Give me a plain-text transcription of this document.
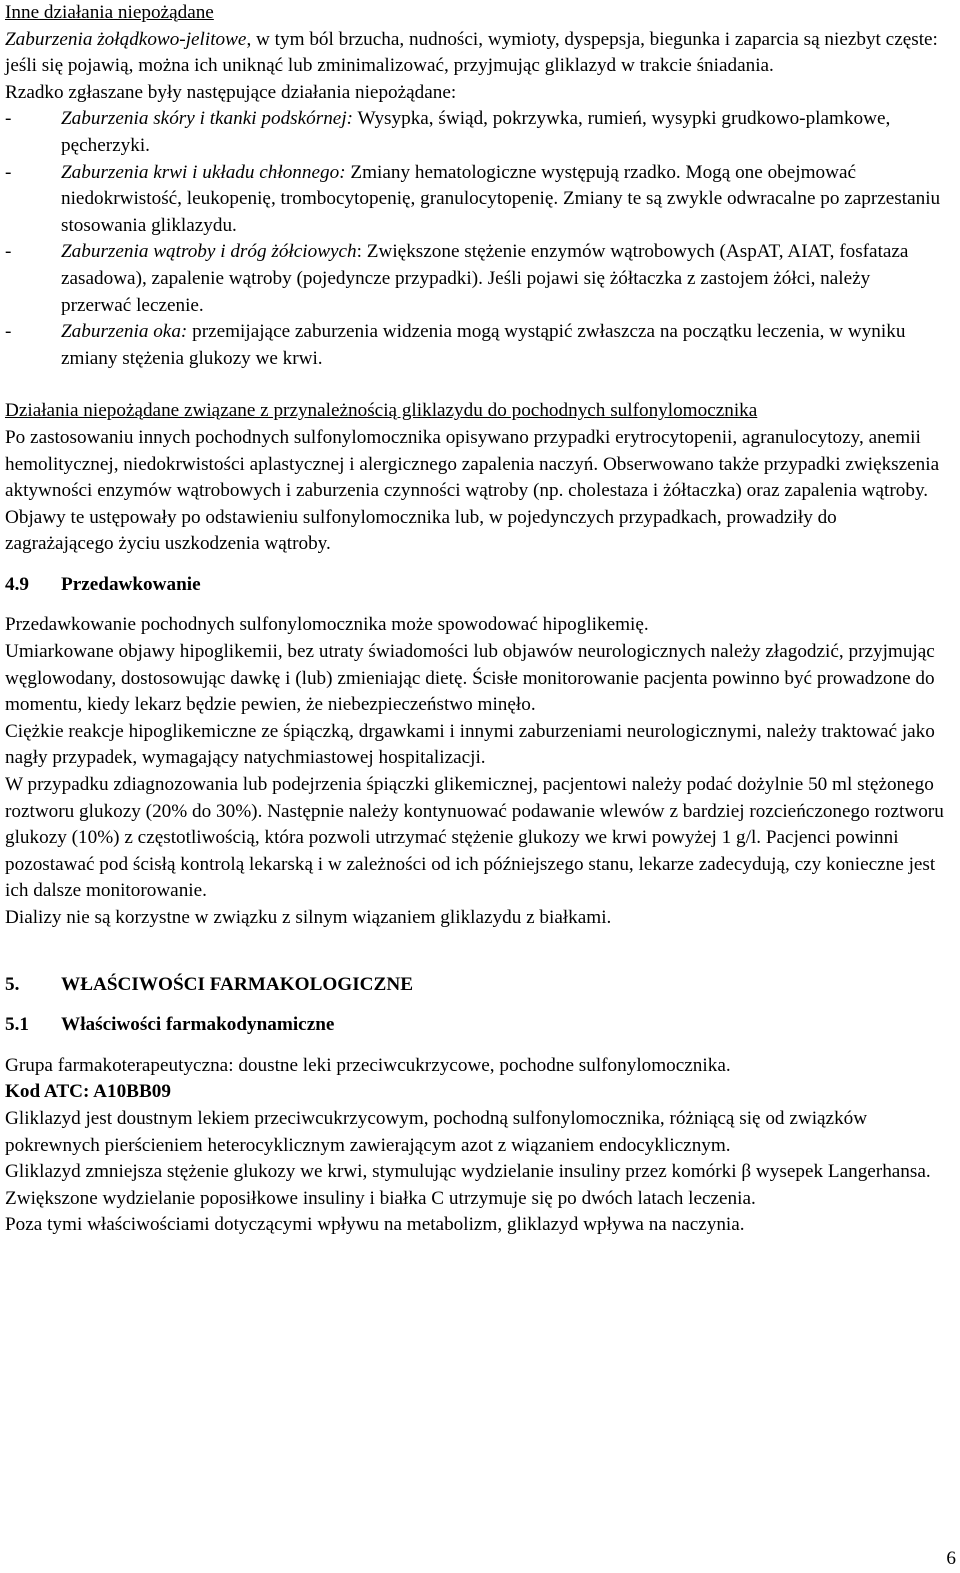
Inne działania niepożądane

Zaburzenia żołądkowo-jelitowe, w tym ból brzucha, nudności, wymioty, dyspepsja, biegunka i zaparcia są niezbyt częste: jeśli się pojawią, można ich uniknąć lub zminimalizować, przyjmując gliklazyd w trakcie śniadania.

Rzadko zgłaszane były następujące działania niepożądane:

-	Zaburzenia skóry i tkanki podskórnej: Wysypka, świąd, pokrzywka, rumień, wysypki grudkowo-plamkowe, pęcherzyki.
-	Zaburzenia krwi i układu chłonnego: Zmiany hematologiczne występują rzadko. Mogą one obejmować niedokrwistość, leukopenię, trombocytopenię, granulocytopenię. Zmiany te są zwykle odwracalne po zaprzestaniu stosowania gliklazydu.
-	Zaburzenia wątroby i dróg żółciowych: Zwiększone stężenie enzymów wątrobowych (AspAT, AIAT, fosfataza zasadowa), zapalenie wątroby (pojedyncze przypadki). Jeśli pojawi się żółtaczka z zastojem żółci, należy przerwać leczenie.
-	Zaburzenia oka: przemijające zaburzenia widzenia mogą wystąpić zwłaszcza na początku leczenia, w wyniku zmiany stężenia glukozy we krwi.

Działania niepożądane związane z przynależnością gliklazydu do pochodnych sulfonylomocznika

Po zastosowaniu innych pochodnych sulfonylomocznika opisywano przypadki erytrocytopenii, agranulocytozy, anemii hemolitycznej, niedokrwistości aplastycznej i alergicznego zapalenia naczyń. Obserwowano także przypadki zwiększenia aktywności enzymów wątrobowych i zaburzenia czynności wątroby (np. cholestaza i żółtaczka) oraz zapalenia wątroby. Objawy te ustępowały po odstawieniu sulfonylomocznika lub, w pojedynczych przypadkach, prowadziły do zagrażającego życiu uszkodzenia wątroby.

4.9	Przedawkowanie

Przedawkowanie pochodnych sulfonylomocznika może spowodować hipoglikemię.

Umiarkowane objawy hipoglikemii, bez utraty świadomości lub objawów neurologicznych należy złagodzić, przyjmując węglowodany, dostosowując dawkę i (lub) zmieniając dietę. Ścisłe monitorowanie pacjenta powinno być prowadzone do momentu, kiedy lekarz będzie pewien, że niebezpieczeństwo minęło.

Ciężkie reakcje hipoglikemiczne ze śpiączką, drgawkami i innymi zaburzeniami neurologicznymi, należy traktować jako nagły przypadek, wymagający natychmiastowej hospitalizacji.

W przypadku zdiagnozowania lub podejrzenia śpiączki glikemicznej, pacjentowi należy podać dożylnie 50 ml stężonego roztworu glukozy (20% do 30%). Następnie należy kontynuować podawanie wlewów z bardziej rozcieńczonego roztworu glukozy (10%) z częstotliwością, która pozwoli utrzymać stężenie glukozy we krwi powyżej 1 g/l. Pacjenci powinni pozostawać pod ścisłą kontrolą lekarską i w zależności od ich późniejszego stanu, lekarze zadecydują, czy konieczne jest ich dalsze monitorowanie.

Dializy nie są korzystne w związku z silnym wiązaniem gliklazydu z białkami.

5.	WŁAŚCIWOŚCI FARMAKOLOGICZNE
5.1	Właściwości farmakodynamiczne

Grupa farmakoterapeutyczna: doustne leki przeciwcukrzycowe, pochodne sulfonylomocznika.

Kod ATC: A10BB09

Gliklazyd jest doustnym lekiem przeciwcukrzycowym, pochodną sulfonylomocznika, różniącą się od związków pokrewnych pierścieniem heterocyklicznym zawierającym azot z wiązaniem endocyklicznym.

Gliklazyd zmniejsza stężenie glukozy we krwi, stymulując wydzielanie insuliny przez komórki β wysepek Langerhansa. Zwiększone wydzielanie poposiłkowe insuliny i białka C utrzymuje się po dwóch latach leczenia.

Poza tymi właściwościami dotyczącymi wpływu na metabolizm, gliklazyd wpływa na naczynia.

6
